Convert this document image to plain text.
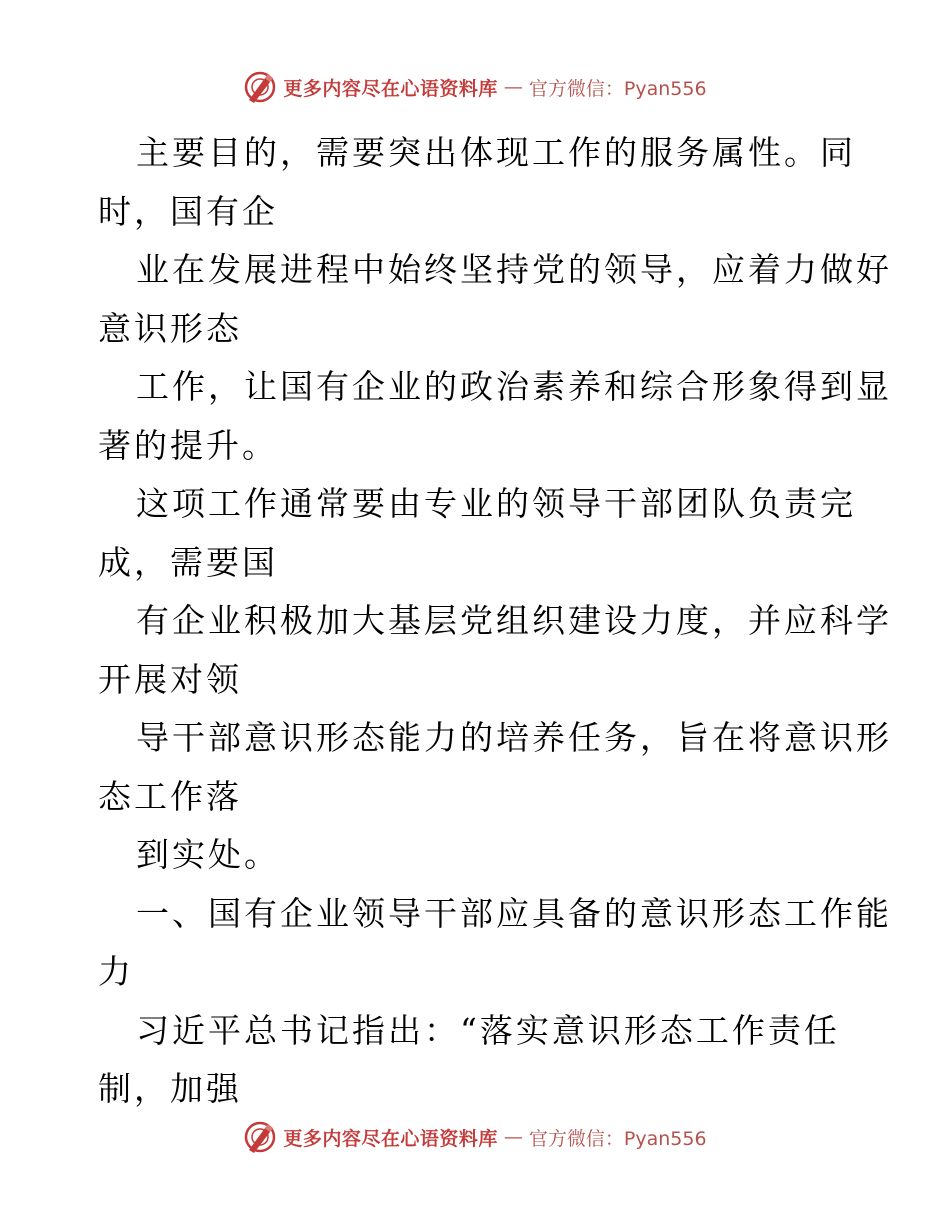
更多内容尽在心语资料库 — 官方微信：Pyan556
主要目的，需要突出体现工作的服务属性。同
时，国有企
业在发展进程中始终坚持党的领导，应着力做好
意识形态
工作，让国有企业的政治素养和综合形象得到显
著的提升。
这项工作通常要由专业的领导干部团队负责完
成，需要国
有企业积极加大基层党组织建设力度，并应科学
开展对领
导干部意识形态能力的培养任务，旨在将意识形
态工作落
到实处。
一、国有企业领导干部应具备的意识形态工作能
力
习近平总书记指出：“落实意识形态工作责任
制，加强
更多内容尽在心语资料库 — 官方微信：Pyan556
